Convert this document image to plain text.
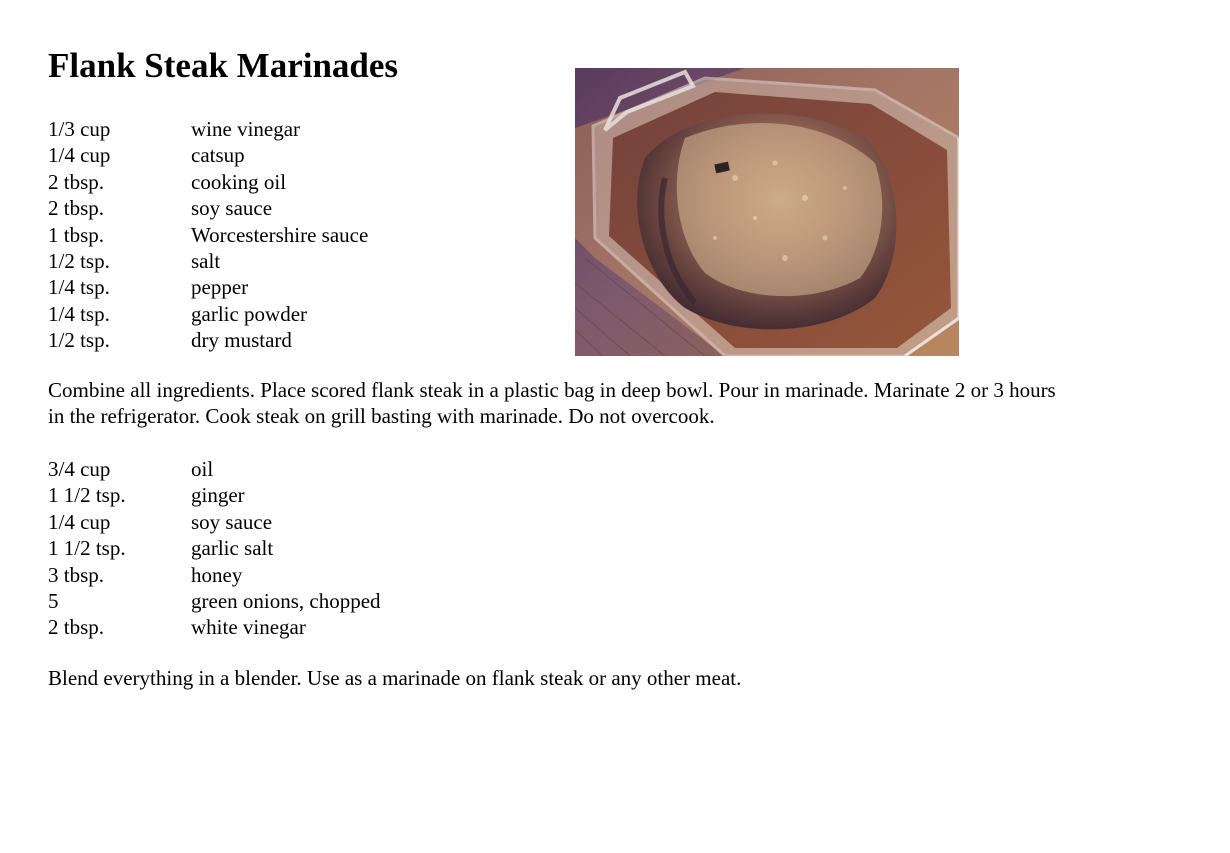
Flank Steak Marinades
1/3 cup	wine vinegar
1/4 cup	catsup
2 tbsp.	cooking oil
2 tbsp.	soy sauce
1 tbsp.	Worcestershire sauce
1/2 tsp.	salt
1/4 tsp.	pepper
1/4 tsp.	garlic powder
1/2 tsp.	dry mustard

Combine all ingredients. Place scored flank steak in a plastic bag in deep bowl. Pour in marinade. Marinate 2 or 3 hours in the refrigerator. Cook steak on grill basting with marinade. Do not overcook.

3/4 cup	oil
1 1/2 tsp.	ginger
1/4 cup	soy sauce
1 1/2 tsp.	garlic salt
3 tbsp.	honey
5	green onions, chopped
2 tbsp.	white vinegar

Blend everything in a blender. Use as a marinade on flank steak or any other meat.
